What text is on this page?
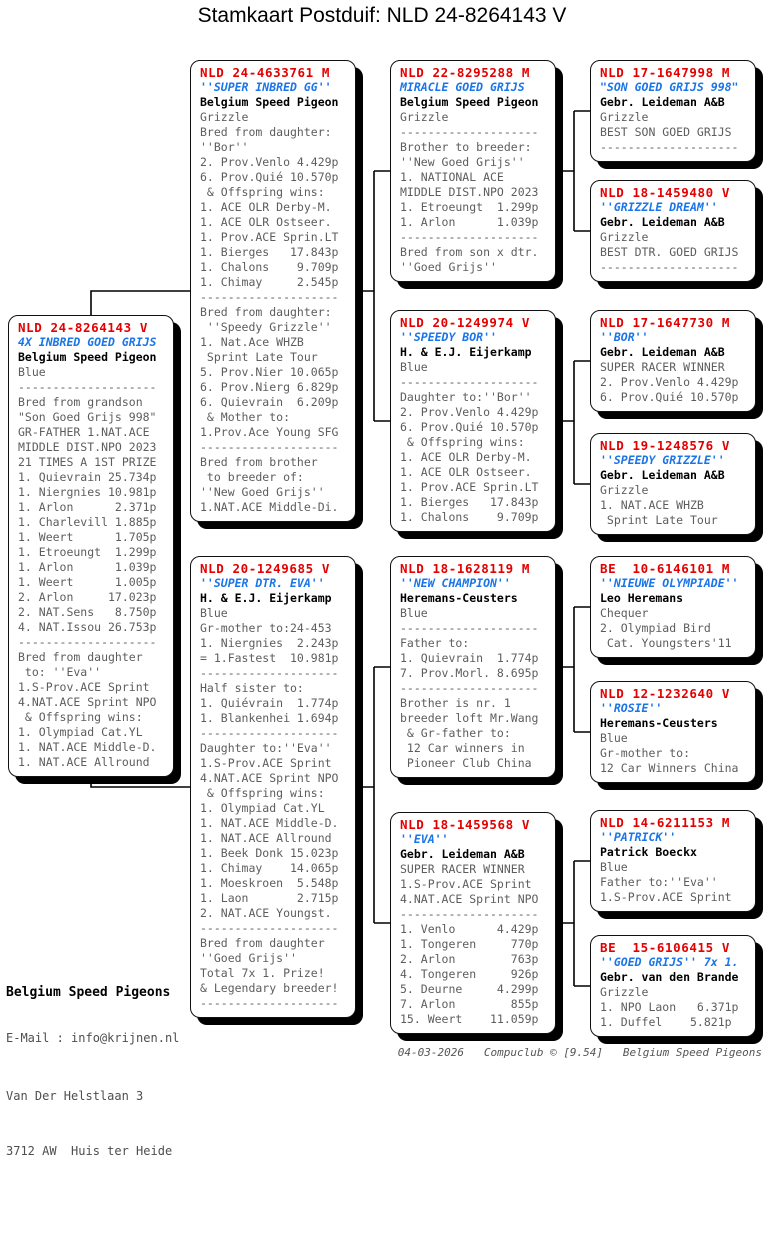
Stamkaart Postduif: NLD 24-8264143 V
NLD 24-8264143 V
4X INBRED GOED GRIJS
Belgium Speed Pigeon
Blue
--------------------
Bred from grandson
"Son Goed Grijs 998"
GR-FATHER 1.NAT.ACE
MIDDLE DIST.NPO 2023
21 TIMES A 1ST PRIZE
1. Quievrain 25.734p
1. Niergnies 10.981p
1. Arlon      2.371p
1. Charlevill 1.885p
1. Weert      1.705p
1. Etroeungt  1.299p
1. Arlon      1.039p
1. Weert      1.005p
2. Arlon     17.023p
2. NAT.Sens   8.750p
4. NAT.Issou 26.753p
--------------------
Bred from daughter
to: ''Eva''
1.S-Prov.ACE Sprint
4.NAT.ACE Sprint NPO
& Offspring wins:
1. Olympiad Cat.YL
1. NAT.ACE Middle-D.
1. NAT.ACE Allround
NLD 24-4633761 M
''SUPER INBRED GG''
Belgium Speed Pigeon
Grizzle
Bred from daughter:
''Bor''
2. Prov.Venlo 4.429p
6. Prov.Quié 10.570p
& Offspring wins:
1. ACE OLR Derby-M.
1. ACE OLR Ostseer.
1. Prov.ACE Sprin.LT
1. Bierges   17.843p
1. Chalons    9.709p
1. Chimay     2.545p
--------------------
Bred from daughter:
''Speedy Grizzle''
1. Nat.Ace WHZB
Sprint Late Tour
5. Prov.Nier 10.065p
6. Prov.Nierg 6.829p
6. Quievrain  6.209p
& Mother to:
1.Prov.Ace Young SFG
--------------------
Bred from brother
to breeder of:
''New Goed Grijs''
1.NAT.ACE Middle-Di.
NLD 20-1249685 V
''SUPER DTR. EVA''
H. & E.J. Eijerkamp
Blue
Gr-mother to:24-453
1. Niergnies  2.243p
= 1.Fastest  10.981p
--------------------
Half sister to:
1. Quiévrain  1.774p
1. Blankenhei 1.694p
--------------------
Daughter to:''Eva''
1.S-Prov.ACE Sprint
4.NAT.ACE Sprint NPO
& Offspring wins:
1. Olympiad Cat.YL
1. NAT.ACE Middle-D.
1. NAT.ACE Allround
1. Beek Donk 15.023p
1. Chimay    14.065p
1. Moeskroen  5.548p
1. Laon       2.715p
2. NAT.ACE Youngst.
--------------------
Bred from daughter
''Goed Grijs''
Total 7x 1. Prize!
& Legendary breeder!
--------------------
NLD 22-8295288 M
MIRACLE GOED GRIJS
Belgium Speed Pigeon
Grizzle
--------------------
Brother to breeder:
''New Goed Grijs''
1. NATIONAL ACE
MIDDLE DIST.NPO 2023
1. Etroeungt  1.299p
1. Arlon      1.039p
--------------------
Bred from son x dtr.
''Goed Grijs''
NLD 20-1249974 V
''SPEEDY BOR''
H. & E.J. Eijerkamp
Blue
--------------------
Daughter to:''Bor''
2. Prov.Venlo 4.429p
6. Prov.Quié 10.570p
& Offspring wins:
1. ACE OLR Derby-M.
1. ACE OLR Ostseer.
1. Prov.ACE Sprin.LT
1. Bierges   17.843p
1. Chalons    9.709p
NLD 18-1628119 M
''NEW CHAMPION''
Heremans-Ceusters
Blue
--------------------
Father to:
1. Quievrain  1.774p
7. Prov.Morl. 8.695p
--------------------
Brother is nr. 1
breeder loft Mr.Wang
& Gr-father to:
12 Car winners in
Pioneer Club China
NLD 18-1459568 V
''EVA''
Gebr. Leideman A&B
SUPER RACER WINNER
1.S-Prov.ACE Sprint
4.NAT.ACE Sprint NPO
--------------------
1. Venlo      4.429p
1. Tongeren     770p
2. Arlon        763p
4. Tongeren     926p
5. Deurne     4.299p
7. Arlon        855p
15. Weert    11.059p
NLD 17-1647998 M
"SON GOED GRIJS 998"
Gebr. Leideman A&B
Grizzle
BEST SON GOED GRIJS
--------------------
NLD 18-1459480 V
''GRIZZLE DREAM''
Gebr. Leideman A&B
Grizzle
BEST DTR. GOED GRIJS
--------------------
NLD 17-1647730 M
''BOR''
Gebr. Leideman A&B
SUPER RACER WINNER
2. Prov.Venlo 4.429p
6. Prov.Quié 10.570p
NLD 19-1248576 V
''SPEEDY GRIZZLE''
Gebr. Leideman A&B
Grizzle
1. NAT.ACE WHZB
Sprint Late Tour
BE  10-6146101 M
''NIEUWE OLYMPIADE''
Leo Heremans
Chequer
2. Olympiad Bird
Cat. Youngsters'11
NLD 12-1232640 V
''ROSIE''
Heremans-Ceusters
Blue
Gr-mother to:
12 Car Winners China
NLD 14-6211153 M
''PATRICK''
Patrick Boeckx
Blue
Father to:''Eva''
1.S-Prov.ACE Sprint
BE  15-6106415 V
''GOED GRIJS'' 7x 1.
Gebr. van den Brande
Grizzle
1. NPO Laon   6.371p
1. Duffel    5.821p

Belgium Speed Pigeons

Van Der Helstlaan 3

3712 AW  Huis ter Heide

E-Mail : info@krijnen.nl
04-03-2026   Compuclub © [9.54]   Belgium Speed Pigeons
